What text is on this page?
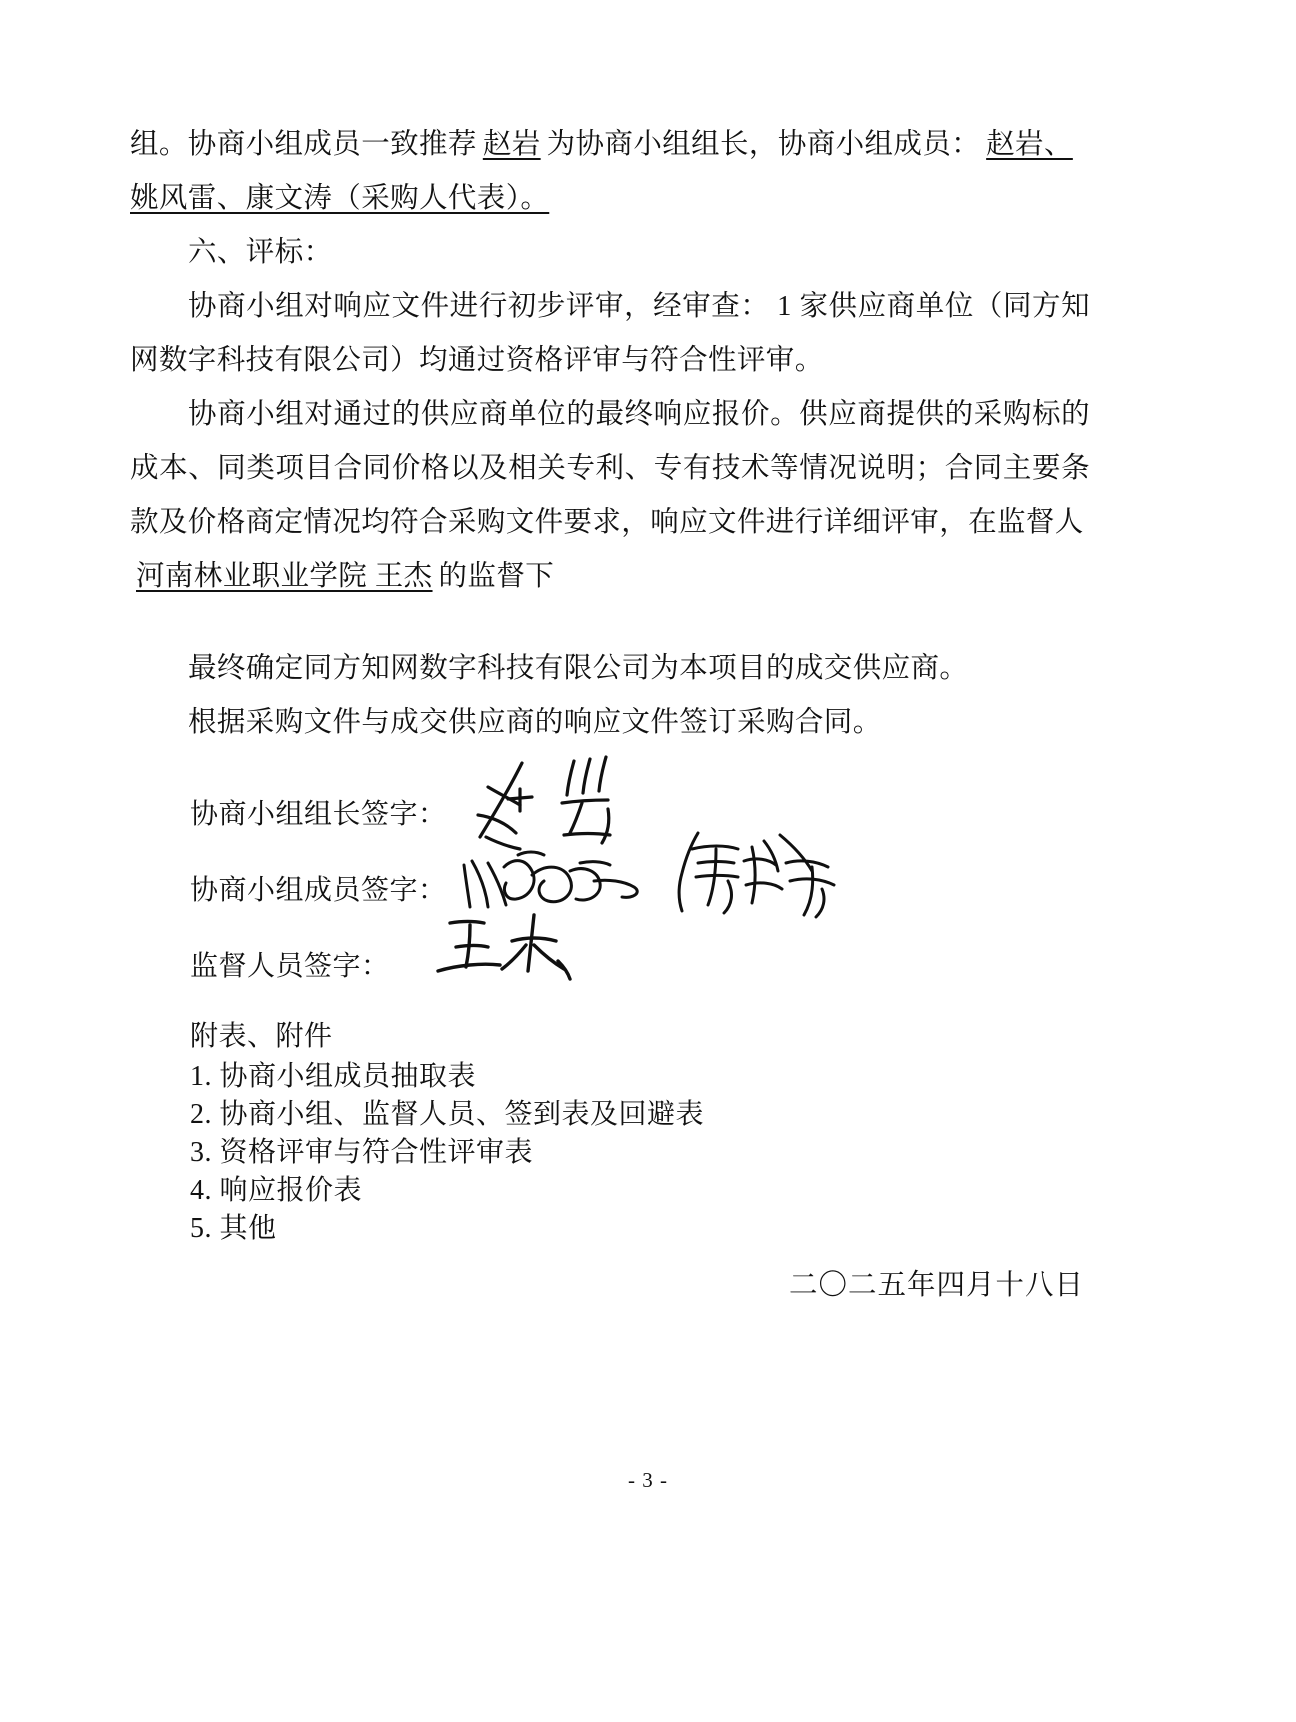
组。协商小组成员一致推荐 赵岩 为协商小组组长，协商小组成员： 赵岩、

姚风雷、康文涛（采购人代表）。

六、评标：

协商小组对响应文件进行初步评审，经审查： 1 家供应商单位（同方知网数字科技有限公司）均通过资格评审与符合性评审。

协商小组对通过的供应商单位的最终响应报价。供应商提供的采购标的成本、同类项目合同价格以及相关专利、专有技术等情况说明；合同主要条款及价格商定情况均符合采购文件要求，响应文件进行详细评审，在监督人

河南林业职业学院 王杰 的监督下

最终确定同方知网数字科技有限公司为本项目的成交供应商。

根据采购文件与成交供应商的响应文件签订采购合同。

协商小组组长签字：
协商小组成员签字：
监督人员签字：
附表、附件
1. 协商小组成员抽取表
2. 协商小组、监督人员、签到表及回避表
3. 资格评审与符合性评审表
4. 响应报价表
5. 其他
二〇二五年四月十八日
- 3 -
